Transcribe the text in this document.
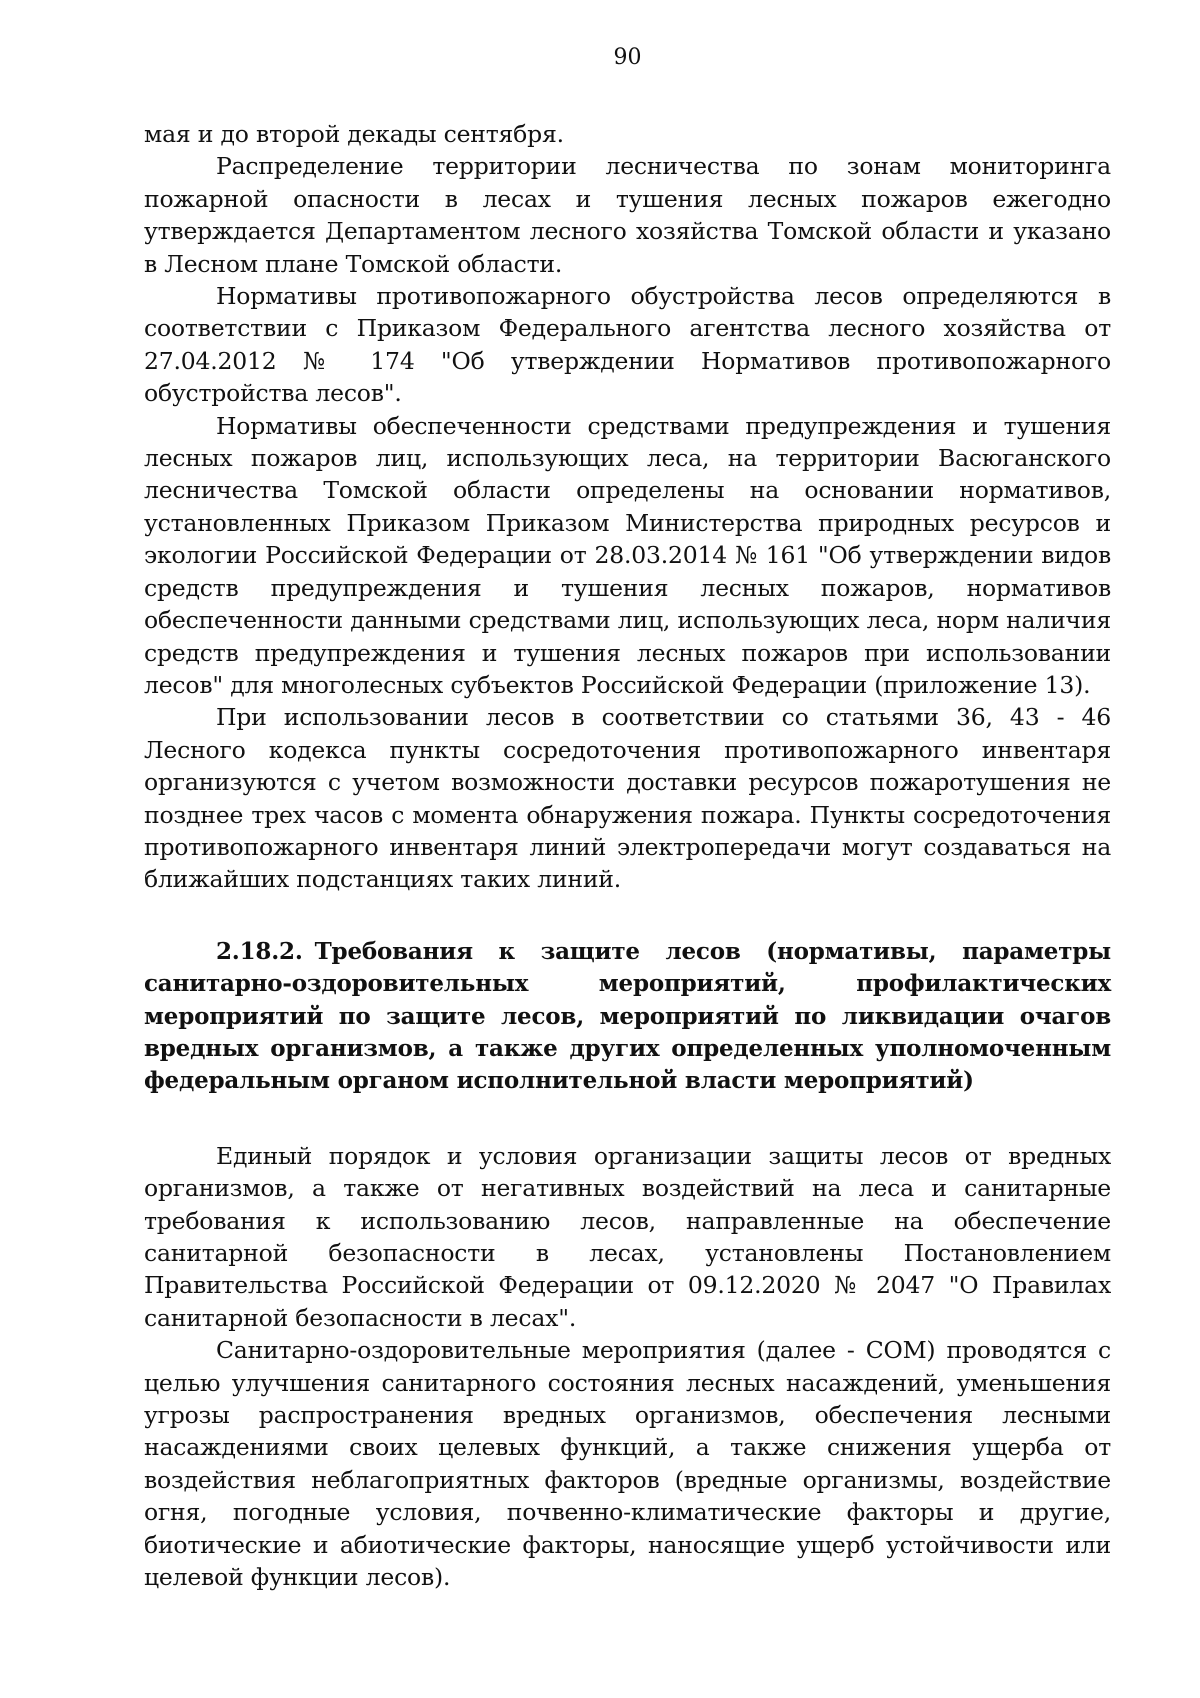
90

мая и до второй декады сентября.

Распределение территории лесничества по зонам мониторинга пожарной опасности в лесах и тушения лесных пожаров ежегодно утверждается Департаментом лесного хозяйства Томской области и указано в Лесном плане Томской области.

Нормативы противопожарного обустройства лесов определяются в соответствии с Приказом Федерального агентства лесного хозяйства от 27.04.2012 № 174 "Об утверждении Нормативов противопожарного обустройства лесов".

Нормативы обеспеченности средствами предупреждения и тушения лесных пожаров лиц, использующих леса, на территории Васюганского лесничества Томской области определены на основании нормативов, установленных Приказом Приказом Министерства природных ресурсов и экологии Российской Федерации от 28.03.2014 № 161 "Об утверждении видов средств предупреждения и тушения лесных пожаров, нормативов обеспеченности данными средствами лиц, использующих леса, норм наличия средств предупреждения и тушения лесных пожаров при использовании лесов" для многолесных субъектов Российской Федерации (приложение 13).

При использовании лесов в соответствии со статьями 36, 43 - 46 Лесного кодекса пункты сосредоточения противопожарного инвентаря организуются с учетом возможности доставки ресурсов пожаротушения не позднее трех часов с момента обнаружения пожара. Пункты сосредоточения противопожарного инвентаря линий электропередачи могут создаваться на ближайших подстанциях таких линий.

2.18.2. Требования к защите лесов (нормативы, параметры санитарно-оздоровительных мероприятий, профилактических мероприятий по защите лесов, мероприятий по ликвидации очагов вредных организмов, а также других определенных уполномоченным федеральным органом исполнительной власти мероприятий)

Единый порядок и условия организации защиты лесов от вредных организмов, а также от негативных воздействий на леса и санитарные требования к использованию лесов, направленные на обеспечение санитарной безопасности в лесах, установлены Постановлением Правительства Российской Федерации от 09.12.2020 № 2047 "О Правилах санитарной безопасности в лесах".

Санитарно-оздоровительные мероприятия (далее - СОМ) проводятся с целью улучшения санитарного состояния лесных насаждений, уменьшения угрозы распространения вредных организмов, обеспечения лесными насаждениями своих целевых функций, а также снижения ущерба от воздействия неблагоприятных факторов (вредные организмы, воздействие огня, погодные условия, почвенно-климатические факторы и другие, биотические и абиотические факторы, наносящие ущерб устойчивости или целевой функции лесов).
